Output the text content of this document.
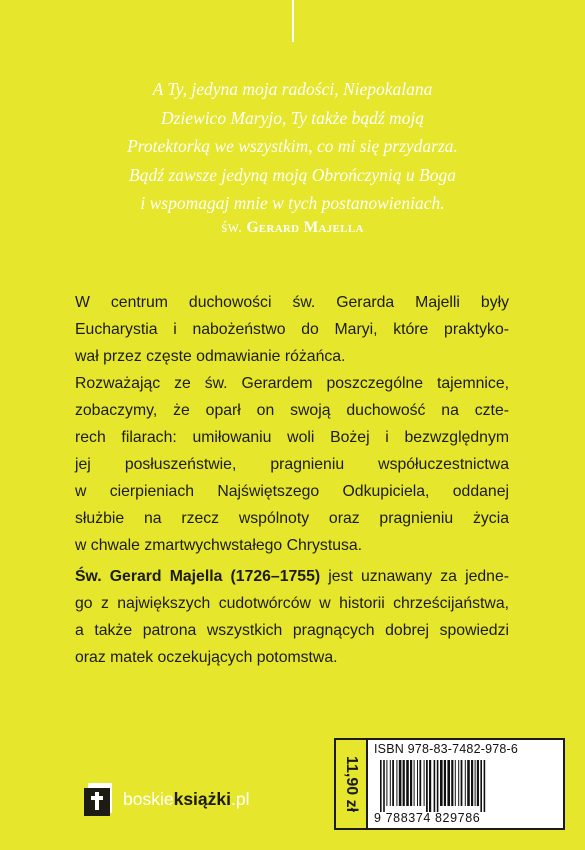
A Ty, jedyna moja radości, Niepokalana
Dziewico Maryjo, Ty także bądź moją
Protektorką we wszystkim, co mi się przydarza.
Bądź zawsze jedyną moją Obrończynią u Boga
i wspomagaj mnie w tych postanowieniach.
św. Gerard Majella
W centrum duchowości św. Gerarda Majelli były
Eucharystia i nabożeństwo do Maryi, które praktyko-
wał przez częste odmawianie różańca.
Rozważając ze św. Gerardem poszczególne tajemnice,
zobaczymy, że oparł on swoją duchowość na czte-
rech filarach: umiłowaniu woli Bożej i bezwzględnym
jej posłuszeństwie, pragnieniu współuczestnictwa
w cierpieniach Najświętszego Odkupiciela, oddanej
służbie na rzecz wspólnoty oraz pragnieniu życia
w chwale zmartwychwstałego Chrystusa.
Św. Gerard Majella (1726–1755) jest uznawany za jedne-
go z największych cudotwórców w historii chrześcijaństwa,
a także patrona wszystkich pragnących dobrej spowiedzi
oraz matek oczekujących potomstwa.
boskieksiążki.pl	11,90 zł
ISBN 978-83-7482-978-6
9 788374 829786
